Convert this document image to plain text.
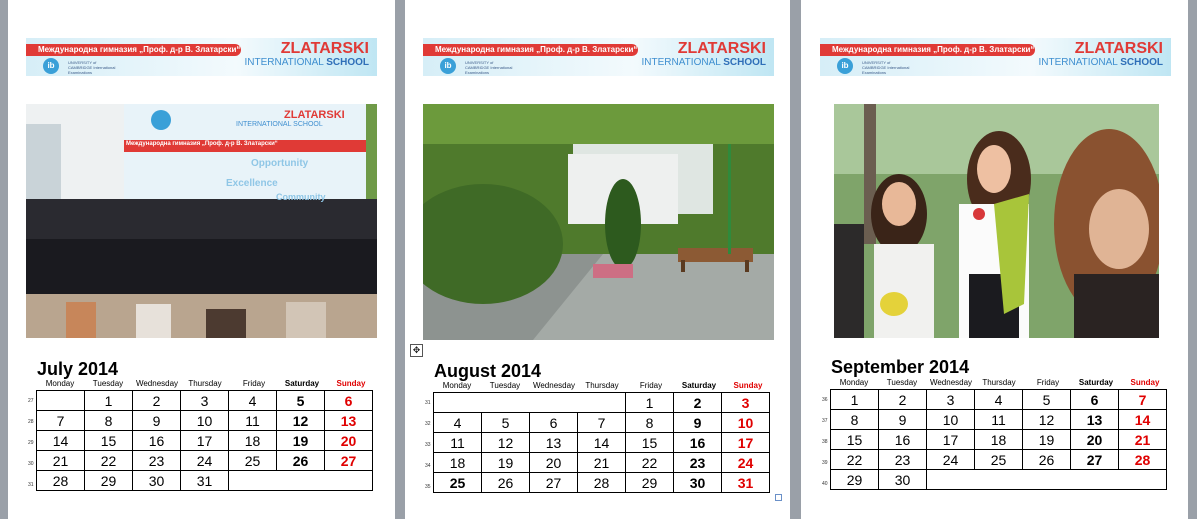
Международна гимназия „Проф. д-р В. Златарски“
ib	UNIVERSITY of CAMBRIDGE International Examinations
ZLATARSKI
INTERNATIONAL SCHOOL
Международна гимназия „Проф. д-р В. Златарски“
ib	UNIVERSITY of CAMBRIDGE International Examinations
ZLATARSKI
INTERNATIONAL SCHOOL
Международна гимназия „Проф. д-р В. Златарски“
ib	UNIVERSITY of CAMBRIDGE International Examinations
ZLATARSKI
INTERNATIONAL SCHOOL
ZLATARSKI
INTERNATIONAL SCHOOL
Международна гимназия „Проф. д-р В. Златарски“
Opportunity
Excellence
Community
July 2014
Monday	Tuesday	Wednesday	Thursday	Friday	Saturday	Sunday
27
28
29
30
31
	1	2	3	4	5	6
7	8	9	10	11	12	13
14	15	16	17	18	19	20
21	22	23	24	25	26	27
28	29	30	31			
✥
August 2014
Monday	Tuesday	Wednesday	Thursday	Friday	Saturday	Sunday
31
32
33
34
35
				1	2	3
4	5	6	7	8	9	10
11	12	13	14	15	16	17
18	19	20	21	22	23	24
25	26	27	28	29	30	31
September 2014
Monday	Tuesday	Wednesday	Thursday	Friday	Saturday	Sunday
36
37
38
39
40
1	2	3	4	5	6	7
8	9	10	11	12	13	14
15	16	17	18	19	20	21
22	23	24	25	26	27	28
29	30					
